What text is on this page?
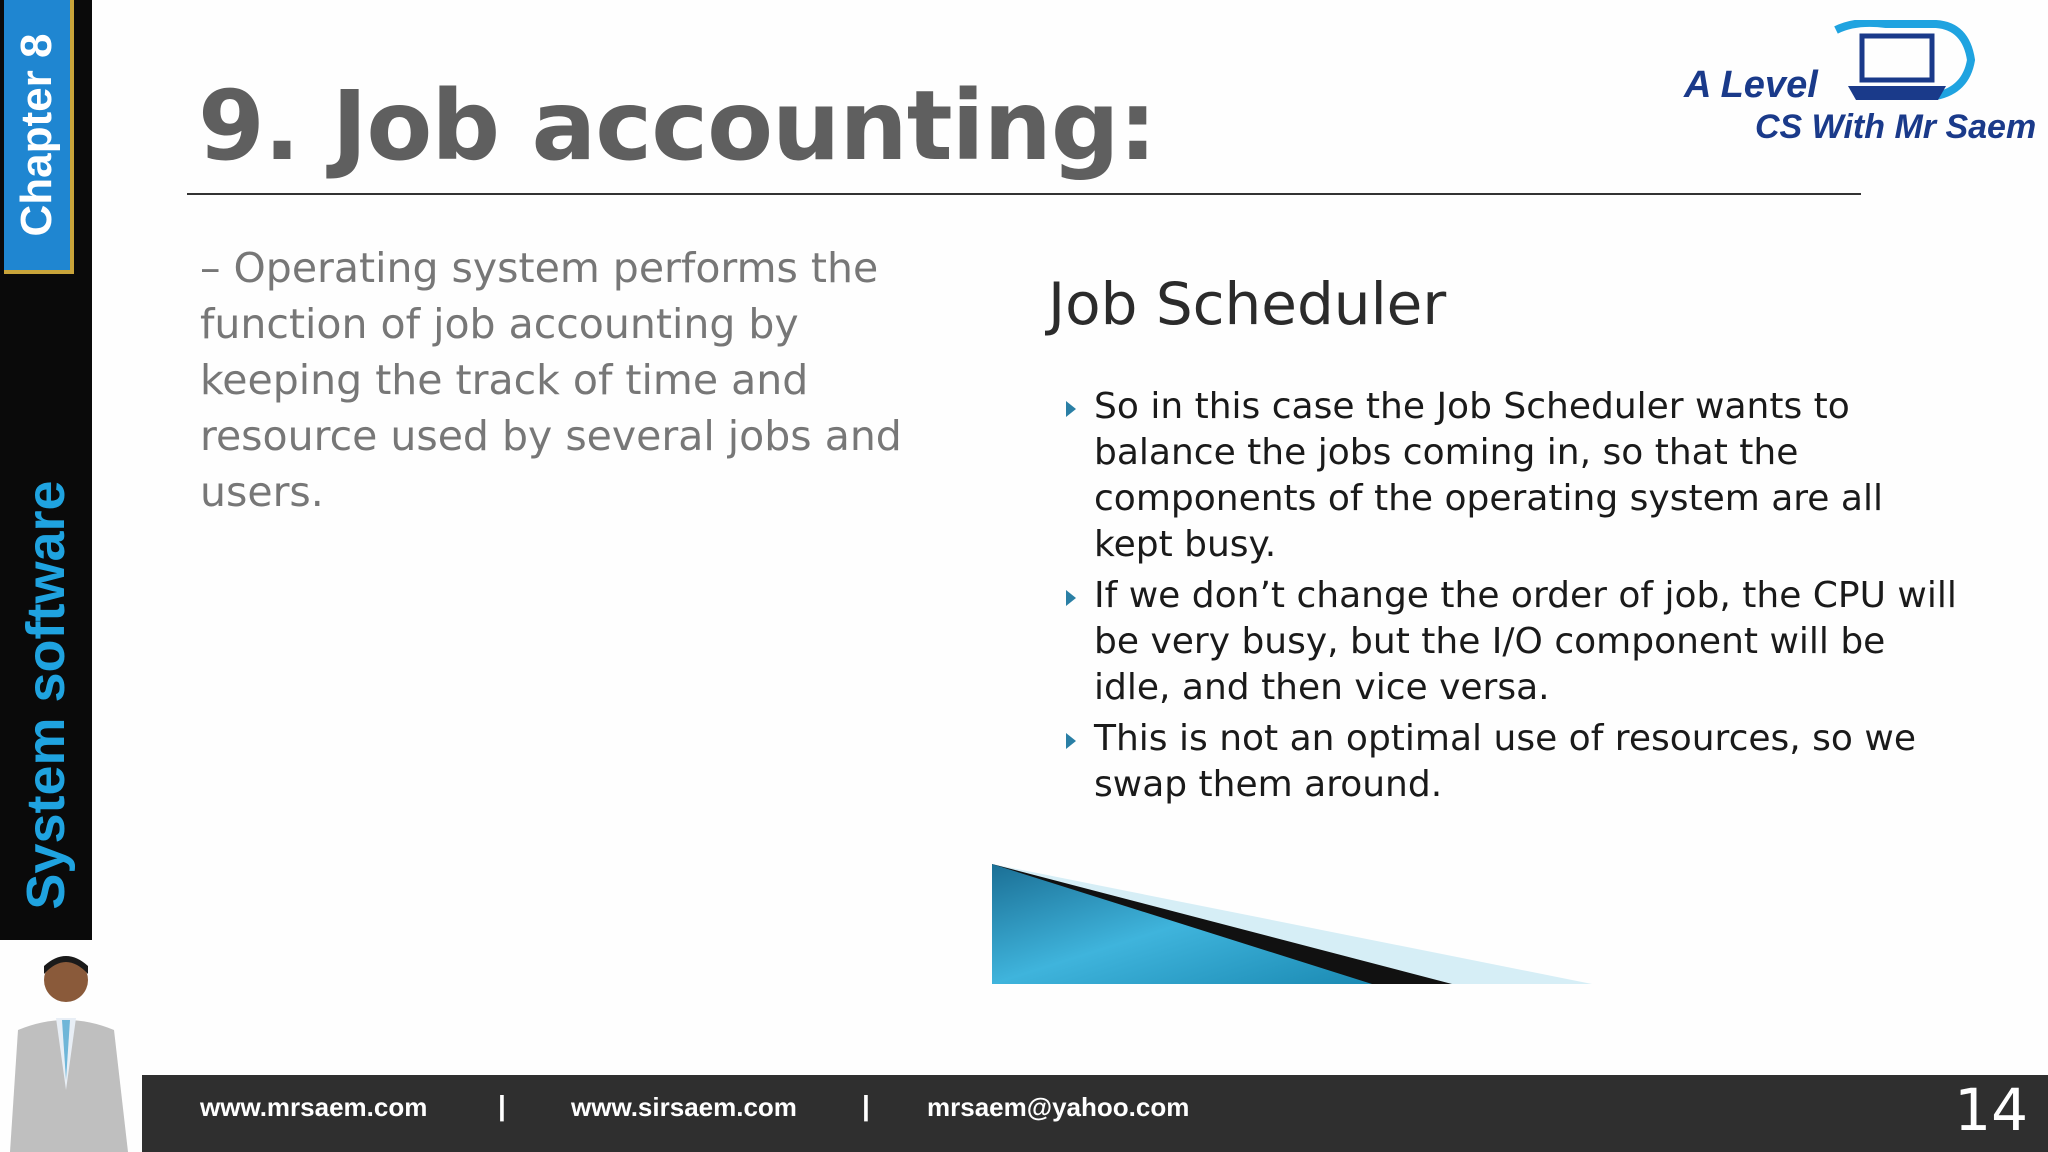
Chapter 8
System software
9. Job accounting:	A Level
CS With Mr Saem

– Operating system performs the function of job accounting by keeping the track of time and resource used by several jobs and users.

Job Scheduler
So in this case the Job Scheduler wants to balance the jobs coming in, so that the components of the operating system are all kept busy.
If we don’t change the order of job, the CPU will be very busy, but the I/O component will be idle, and then vice versa.
This is not an optimal use of resources, so we swap them around.
www.mrsaem.com	|	www.sirsaem.com | mrsaem@yahoo.com	14
